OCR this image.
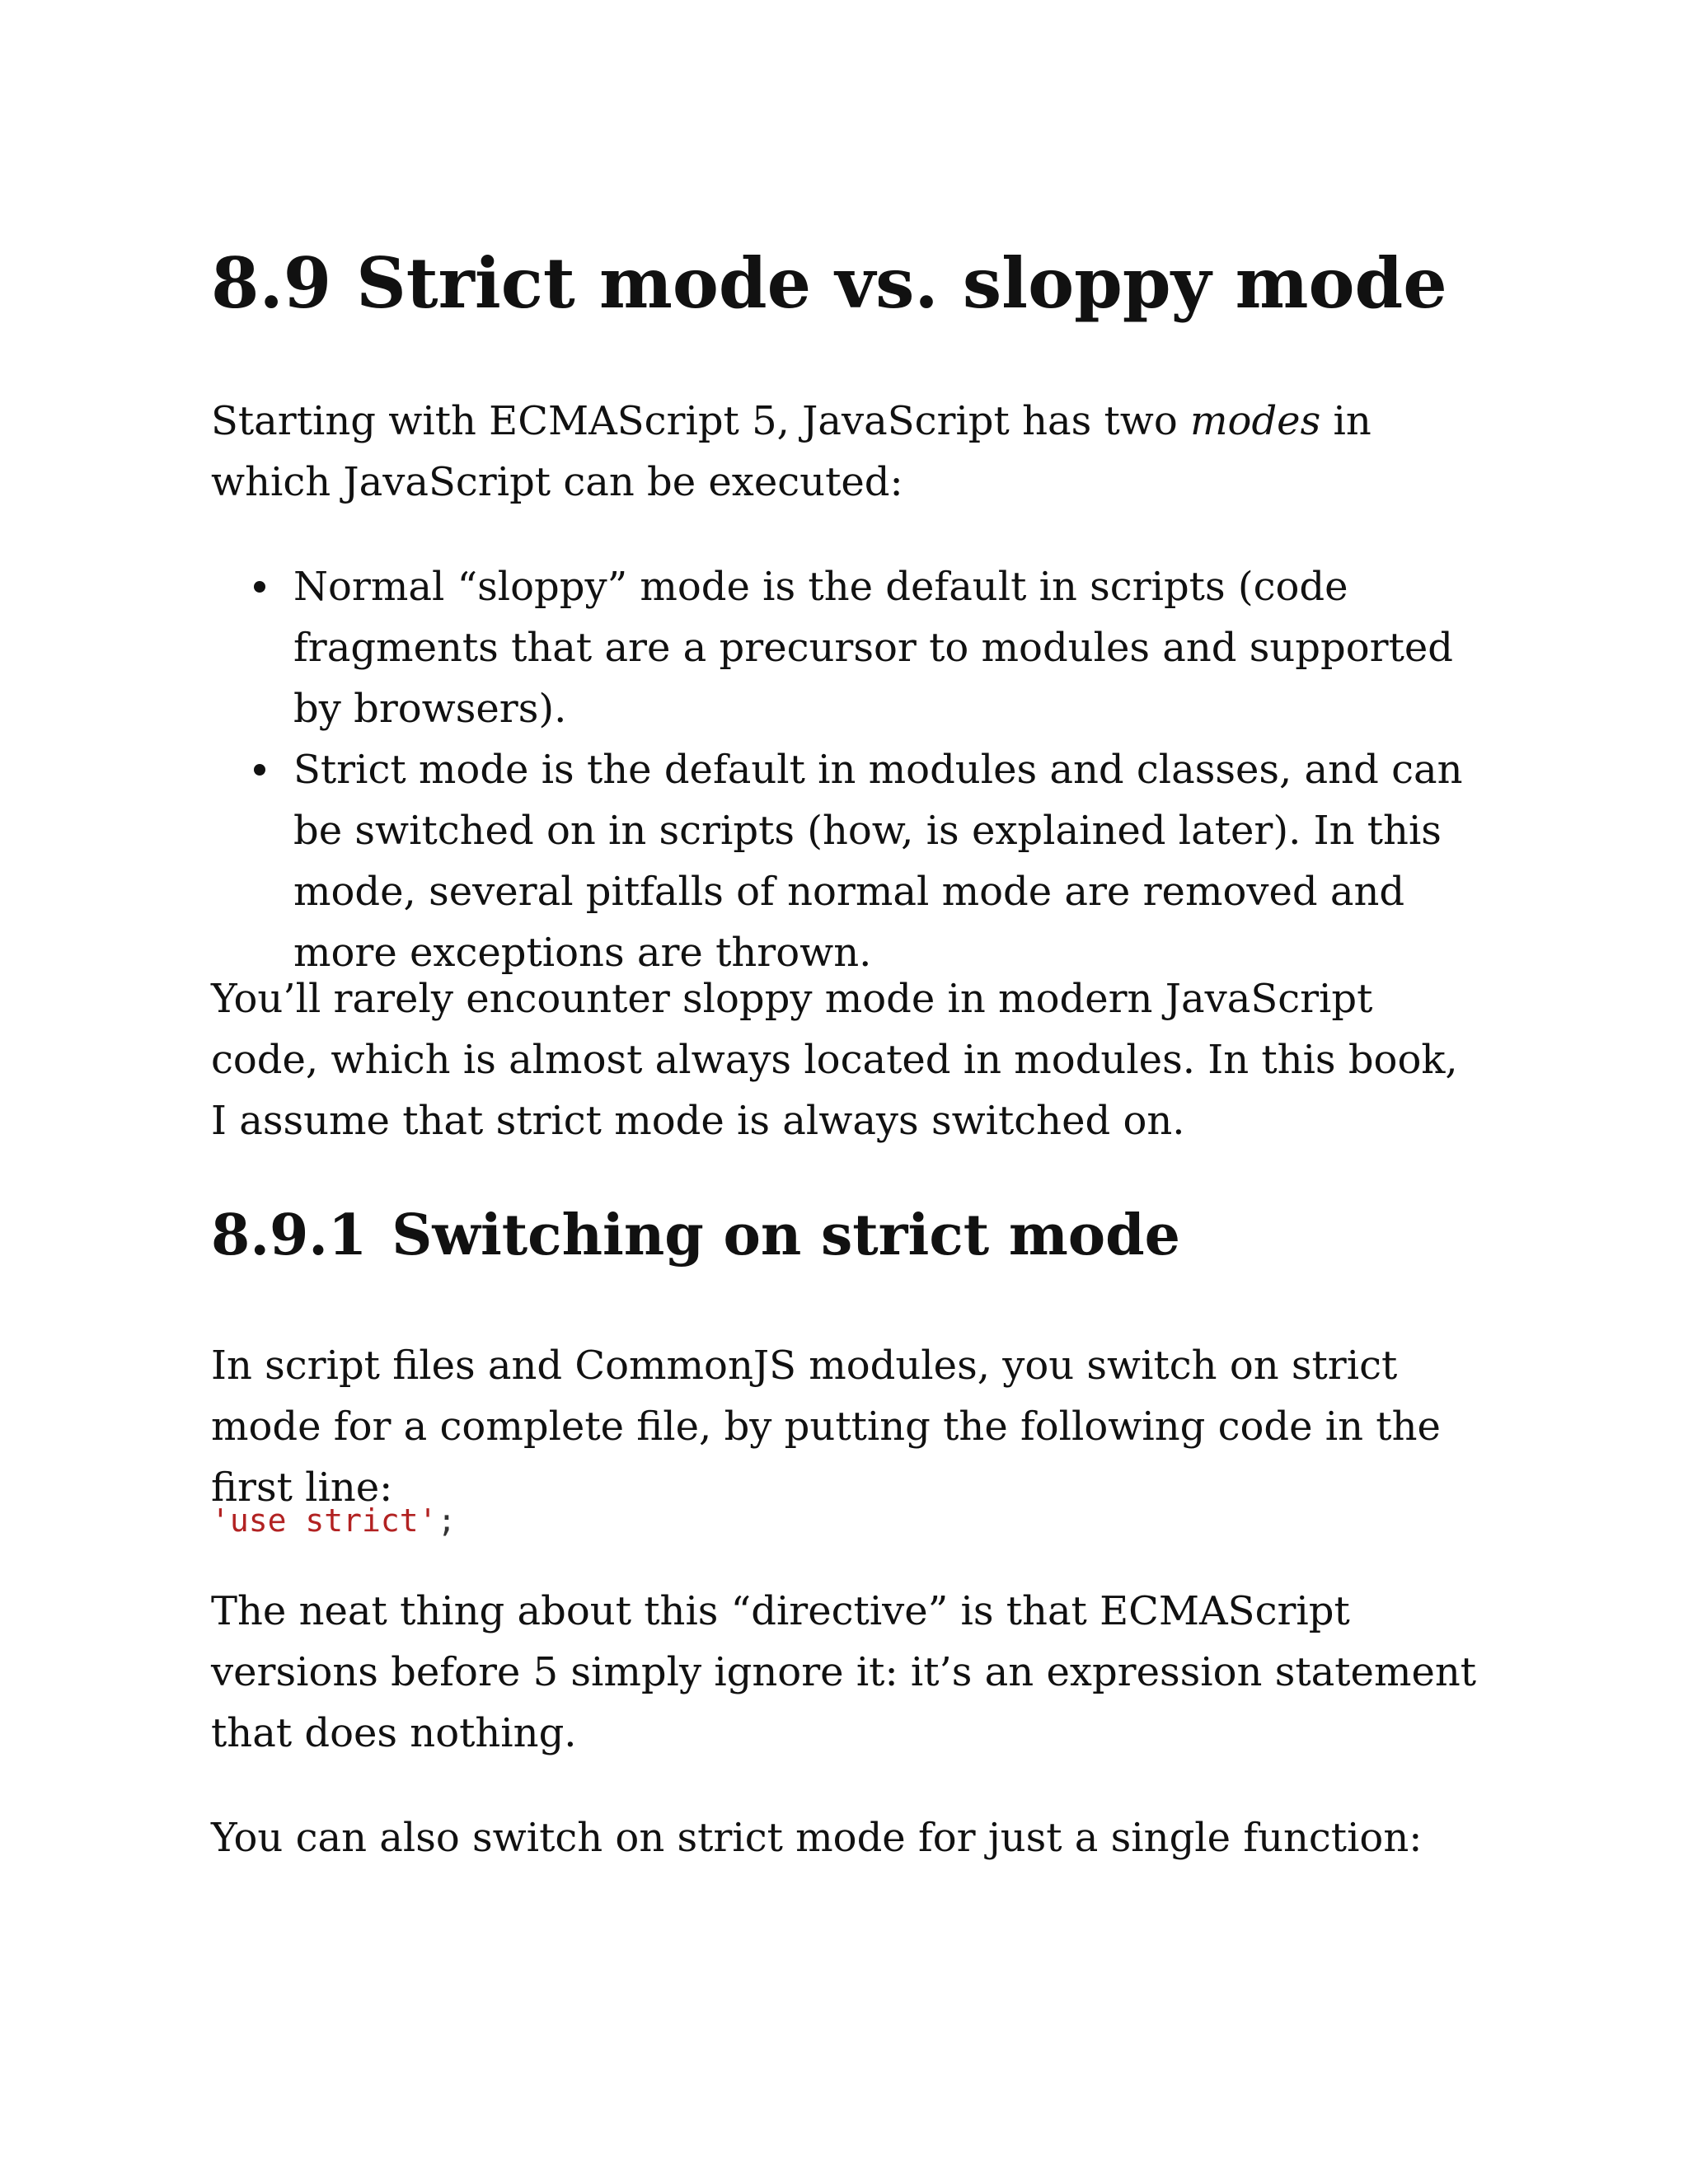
8.9 Strict mode vs. sloppy mode

Starting with ECMAScript 5, JavaScript has two modes in which JavaScript can be executed:

Normal “sloppy” mode is the default in scripts (code fragments that are a precursor to modules and supported by browsers).
Strict mode is the default in modules and classes, and can be switched on in scripts (how, is explained later). In this mode, several pitfalls of normal mode are removed and more exceptions are thrown.

You’ll rarely encounter sloppy mode in modern JavaScript code, which is almost always located in modules. In this book, I assume that strict mode is always switched on.

8.9.1 Switching on strict mode

In script files and CommonJS modules, you switch on strict mode for a complete file, by putting the following code in the first line:

'use strict';

The neat thing about this “directive” is that ECMAScript versions before 5 simply ignore it: it’s an expression statement that does nothing.

You can also switch on strict mode for just a single function:
